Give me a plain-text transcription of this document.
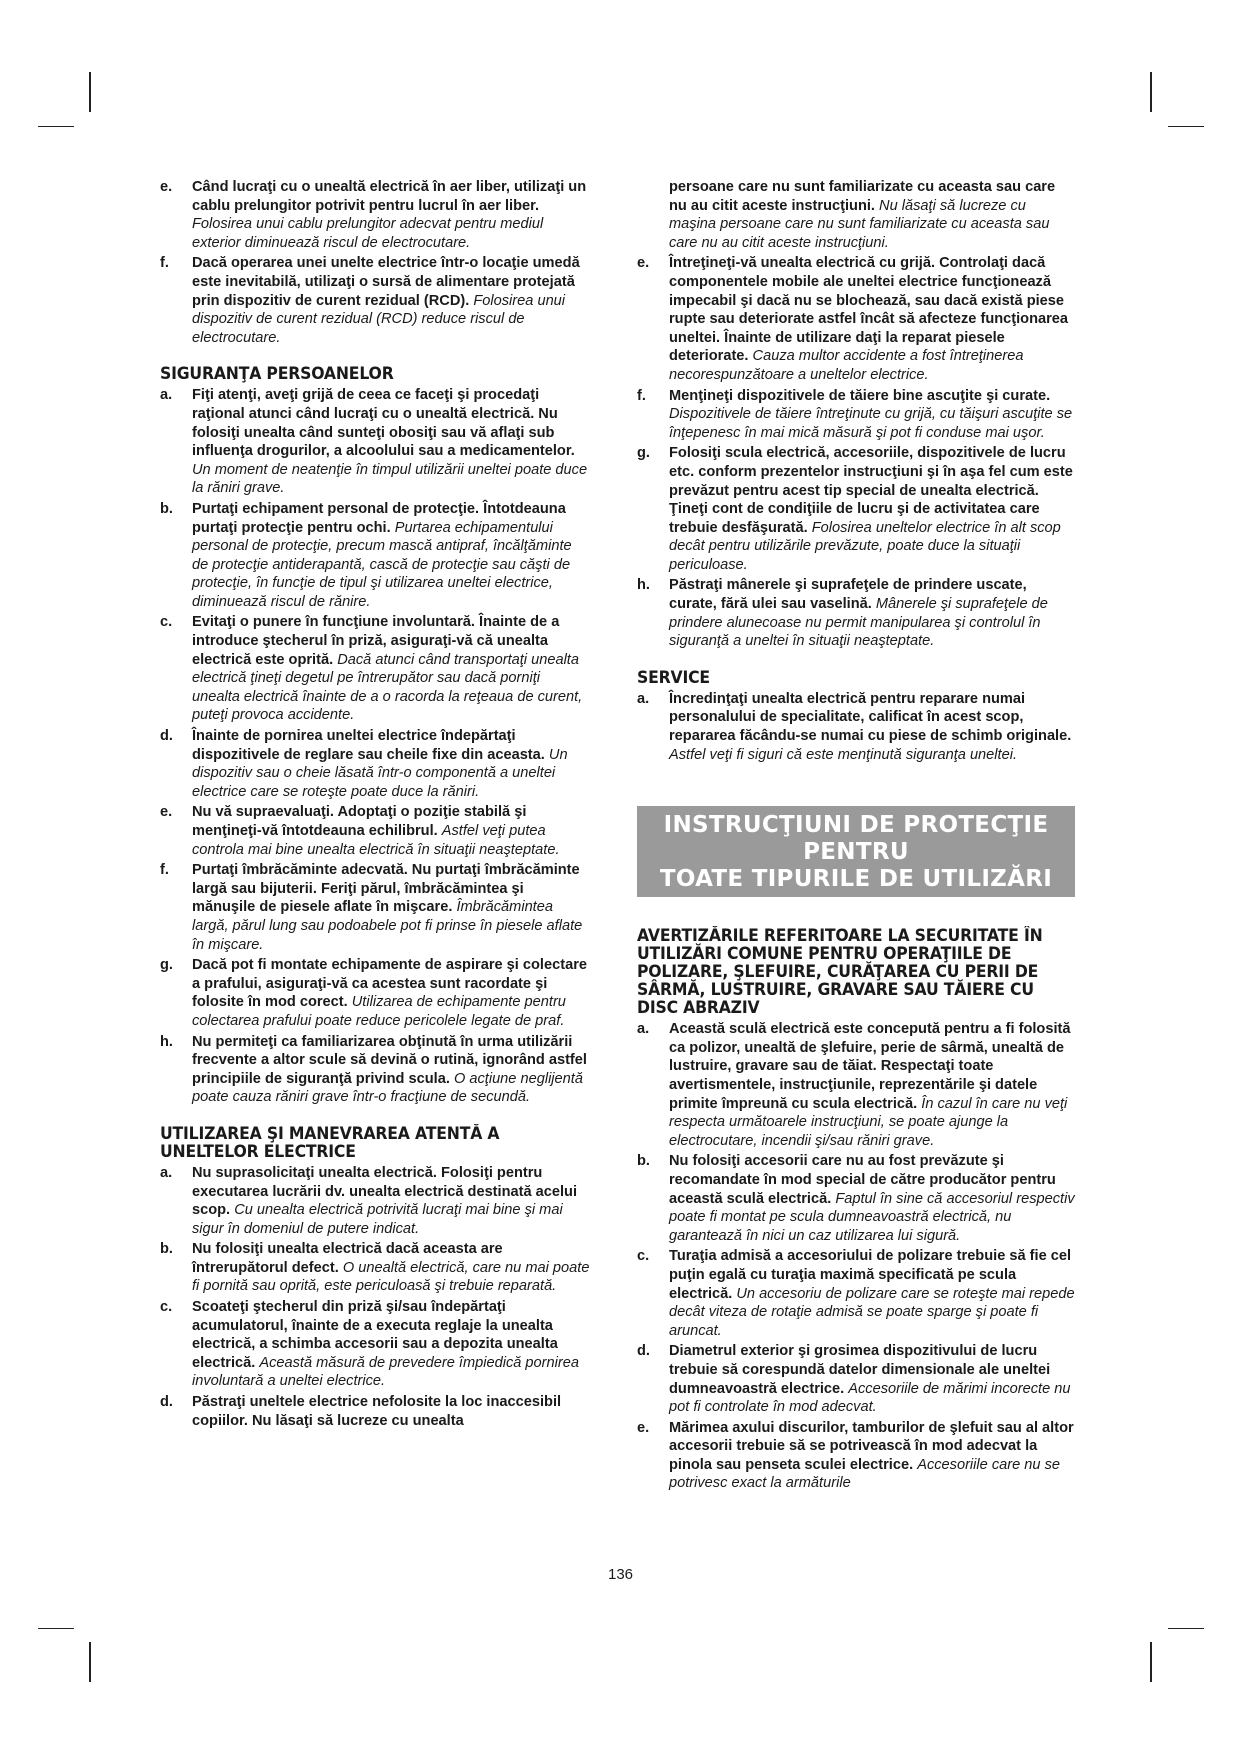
e. Când lucraţi cu o unealtă electrică în aer liber, utilizaţi un cablu prelungitor potrivit pentru lucrul în aer liber. Folosirea unui cablu prelungitor adecvat pentru mediul exterior diminuează riscul de electrocutare.
f. Dacă operarea unei unelte electrice într-o locaţie umedă este inevitabilă, utilizaţi o sursă de alimentare protejată prin dispozitiv de curent rezidual (RCD). Folosirea unui dispozitiv de curent rezidual (RCD) reduce riscul de electrocutare.
SIGURANŢA PERSOANELOR
a. Fiţi atenţi, aveţi grijă de ceea ce faceţi şi procedaţi raţional atunci când lucraţi cu o unealtă electrică. Nu folosiţi unealta când sunteţi obosiţi sau vă aflaţi sub influenţa drogurilor, a alcoolului sau a medicamentelor.
Un moment de neatenţie în timpul utilizării uneltei poate duce la răniri grave.
b. Purtaţi echipament personal de protecţie. Întotdeauna purtaţi protecţie pentru ochi. Purtarea echipamentului personal de protecţie, precum mască antipraf, încălţăminte de protecţie antiderapantă, cască de protecţie sau căşti de protecţie, în funcţie de tipul şi utilizarea uneltei electrice, diminuează riscul de rănire.
c. Evitaţi o punere în funcţiune involuntară. Înainte de a introduce ştecherul în priză, asiguraţi-vă că unealta electrică este oprită. Dacă atunci când transportaţi unealta electrică ţineţi degetul pe întrerupător sau dacă porniţi unealta electrică înainte de a o racorda la reţeaua de curent, puteţi provoca accidente.
d. Înainte de pornirea uneltei electrice îndepărtaţi dispozitivele de reglare sau cheile fixe din aceasta. Un dispozitiv sau o cheie lăsată într-o componentă a uneltei electrice care se roteşte poate duce la răniri.
e. Nu vă supraevaluaţi. Adoptaţi o poziţie stabilă şi menţineţi-vă întotdeauna echilibrul. Astfel veţi putea controla mai bine unealta electrică în situaţii neaşteptate.
f. Purtaţi îmbrăcăminte adecvată. Nu purtaţi îmbrăcăminte largă sau bijuterii. Feriţi părul, îmbrăcămintea şi mănuşile de piesele aflate în mişcare. Îmbrăcămintea largă, părul lung sau podoabele pot fi prinse în piesele aflate în mişcare.
g. Dacă pot fi montate echipamente de aspirare şi colectare a prafului, asiguraţi-vă ca acestea sunt racordate şi folosite în mod corect. Utilizarea de echipamente pentru colectarea prafului poate reduce pericolele legate de praf.
h. Nu permiteţi ca familiarizarea obţinută în urma utilizării frecvente a altor scule să devină o rutină, ignorând astfel principiile de siguranţă privind scula. O acţiune neglijentă poate cauza răniri grave într-o fracţiune de secundă.
UTILIZAREA ŞI MANEVRAREA ATENTĂ A UNELTELOR ELECTRICE
a. Nu suprasolicitaţi unealta electrică. Folosiţi pentru executarea lucrării dv. unealta electrică destinată acelui scop. Cu unealta electrică potrivită lucraţi mai bine şi mai sigur în domeniul de putere indicat.
b. Nu folosiţi unealta electrică dacă aceasta are întrerupătorul defect. O unealtă electrică, care nu mai poate fi pornită sau oprită, este periculoasă şi trebuie reparată.
c. Scoateţi ştecherul din priză şi/sau îndepărtaţi acumulatorul, înainte de a executa reglaje la unealta electrică, a schimba accesorii sau a depozita unealta electrică. Această măsură de prevedere împiedică pornirea involuntară a uneltei electrice.
d. Păstraţi uneltele electrice nefolosite la loc inaccesibil copiilor. Nu lăsaţi să lucreze cu unealta
persoane care nu sunt familiarizate cu aceasta sau care nu au citit aceste instrucţiuni. Nu lăsaţi să lucreze cu maşina persoane care nu sunt familiarizate cu aceasta sau care nu au citit aceste instrucţiuni.
e. Întreţineţi-vă unealta electrică cu grijă. Controlaţi dacă componentele mobile ale uneltei electrice funcţionează impecabil şi dacă nu se blochează, sau dacă există piese rupte sau deteriorate astfel încât să afecteze funcţionarea uneltei. Înainte de utilizare daţi la reparat piesele deteriorate. Cauza multor accidente a fost întreţinerea necorespunzătoare a uneltelor electrice.
f. Menţineţi dispozitivele de tăiere bine ascuţite şi curate. Dispozitivele de tăiere întreţinute cu grijă, cu tăişuri ascuţite se înţepenesc în mai mică măsură şi pot fi conduse mai uşor.
g. Folosiţi scula electrică, accesoriile, dispozitivele de lucru etc. conform prezentelor instrucţiuni şi în aşa fel cum este prevăzut pentru acest tip special de unealta electrică. Ţineţi cont de condiţiile de lucru şi de activitatea care trebuie desfăşurată. Folosirea uneltelor electrice în alt scop decât pentru utilizările prevăzute, poate duce la situaţii periculoase.
h. Păstraţi mânerele şi suprafeţele de prindere uscate, curate, fără ulei sau vaselină. Mânerele şi suprafeţele de prindere alunecoase nu permit manipularea şi controlul în siguranţă a uneltei în situaţii neaşteptate.
SERVICE
a. Încredinţaţi unealta electrică pentru reparare numai personalului de specialitate, calificat în acest scop, repararea făcându-se numai cu piese de schimb originale. Astfel veţi fi siguri că este menţinută siguranţa uneltei.
INSTRUCŢIUNI DE PROTECŢIE PENTRU
TOATE TIPURILE DE UTILIZĂRI
AVERTIZĂRILE REFERITOARE LA SECURITATE ÎN UTILIZĂRI COMUNE PENTRU OPERAŢIILE DE POLIZARE, ŞLEFUIRE, CURĂŢAREA CU PERII DE SÂRMĂ, LUSTRUIRE, GRAVARE SAU TĂIERE CU DISC ABRAZIV
a. Această sculă electrică este concepută pentru a fi folosită ca polizor, unealtă de şlefuire, perie de sârmă, unealtă de lustruire, gravare sau de tăiat. Respectaţi toate avertismentele, instrucţiunile, reprezentările şi datele primite împreună cu scula electrică. În cazul în care nu veţi respecta următoarele instrucţiuni, se poate ajunge la electrocutare, incendii şi/sau răniri grave.
b. Nu folosiţi accesorii care nu au fost prevăzute şi recomandate în mod special de către producător pentru această sculă electrică. Faptul în sine că accesoriul respectiv poate fi montat pe scula dumneavoastră electrică, nu garantează în nici un caz utilizarea lui sigură.
c. Turaţia admisă a accesoriului de polizare trebuie să fie cel puţin egală cu turaţia maximă specificată pe scula electrică. Un accesoriu de polizare care se roteşte mai repede decât viteza de rotaţie admisă se poate sparge şi poate fi aruncat.
d. Diametrul exterior şi grosimea dispozitivului de lucru trebuie să corespundă datelor dimensionale ale uneltei dumneavoastră electrice. Accesoriile de mărimi incorecte nu pot fi controlate în mod adecvat.
e. Mărimea axului discurilor, tamburilor de şlefuit sau al altor accesorii trebuie să se potrivească în mod adecvat la pinola sau penseta sculei electrice. Accesoriile care nu se potrivesc exact la armăturile
136
